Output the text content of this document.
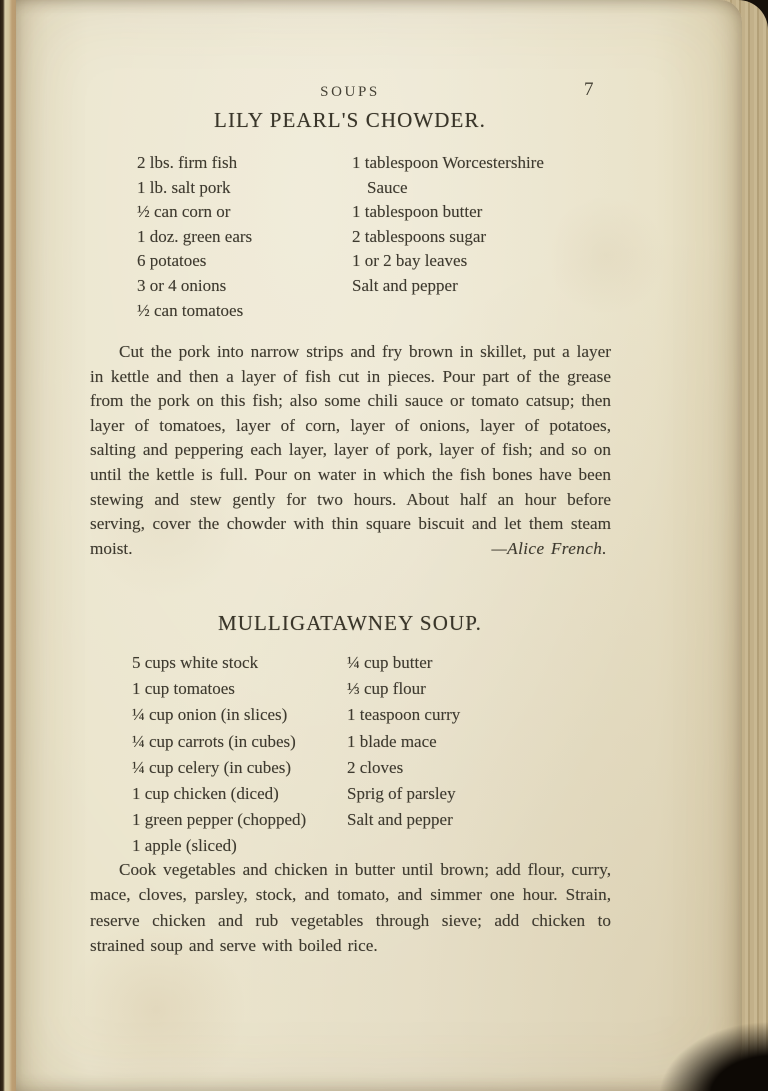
SOUPS	7
LILY PEARL'S CHOWDER.
2 lbs. firm fish
1 lb. salt pork
½ can corn or
1 doz. green ears
6 potatoes
3 or 4 onions
½ can tomatoes
1 tablespoon Worcestershire
Sauce
1 tablespoon butter
2 tablespoons sugar
1 or 2 bay leaves
Salt and pepper

Cut the pork into narrow strips and fry brown in skillet, put a layer in kettle and then a layer of fish cut in pieces. Pour part of the grease from the pork on this fish; also some chili sauce or tomato catsup; then layer of tomatoes, layer of corn, layer of onions, layer of potatoes, salting and peppering each layer, layer of pork, layer of fish; and so on until the kettle is full. Pour on water in which the fish bones have been stewing and stew gently for two hours. About half an hour before serving, cover the chowder with thin square biscuit and let them steam moist.	—Alice French.

MULLIGATAWNEY SOUP.
5 cups white stock
1 cup tomatoes
¼ cup onion (in slices)
¼ cup carrots (in cubes)
¼ cup celery (in cubes)
1 cup chicken (diced)
1 green pepper (chopped)
1 apple (sliced)
¼ cup butter
⅓ cup flour
1 teaspoon curry
1 blade mace
2 cloves
Sprig of parsley
Salt and pepper

Cook vegetables and chicken in butter until brown; add flour, curry, mace, cloves, parsley, stock, and tomato, and simmer one hour. Strain, reserve chicken and rub vegetables through sieve; add chicken to strained soup and serve with boiled rice.
